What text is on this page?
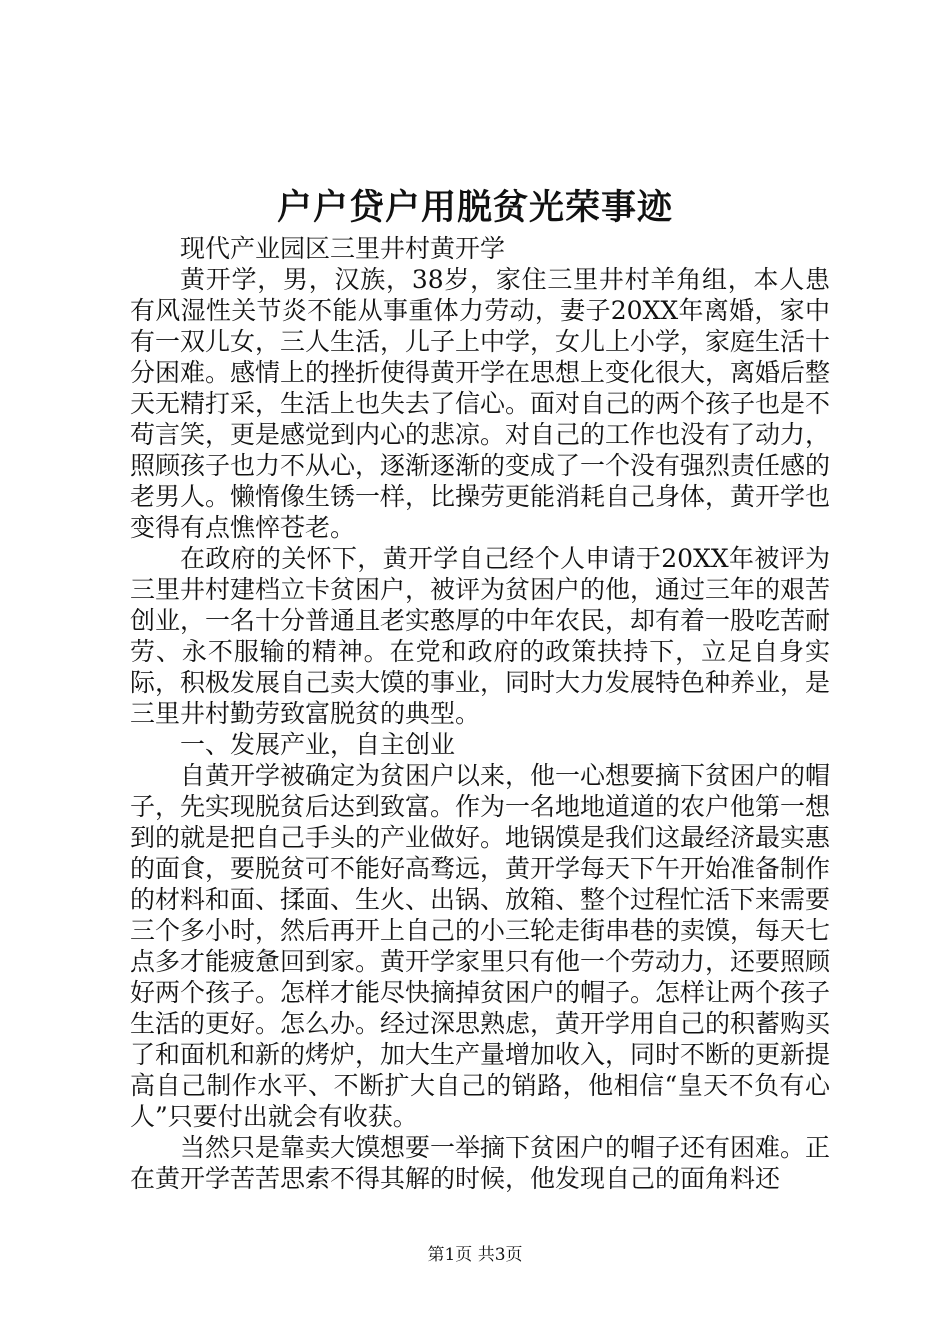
户户贷户用脱贫光荣事迹

现代产业园区三里井村黄开学

黄开学，男，汉族，38岁，家住三里井村羊角组，本人患有风湿性关节炎不能从事重体力劳动，妻子20XX年离婚，家中有一双儿女，三人生活，儿子上中学，女儿上小学，家庭生活十分困难。感情上的挫折使得黄开学在思想上变化很大，离婚后整天无精打采，生活上也失去了信心。面对自己的两个孩子也是不苟言笑，更是感觉到内心的悲凉。对自己的工作也没有了动力，照顾孩子也力不从心，逐渐逐渐的变成了一个没有强烈责任感的老男人。懒惰像生锈一样，比操劳更能消耗自己身体，黄开学也变得有点憔悴苍老。

在政府的关怀下，黄开学自己经个人申请于20XX年被评为三里井村建档立卡贫困户，被评为贫困户的他，通过三年的艰苦创业，一名十分普通且老实憨厚的中年农民，却有着一股吃苦耐劳、永不服输的精神。在党和政府的政策扶持下，立足自身实际，积极发展自己卖大馍的事业，同时大力发展特色种养业，是三里井村勤劳致富脱贫的典型。

一、发展产业，自主创业

自黄开学被确定为贫困户以来，他一心想要摘下贫困户的帽子，先实现脱贫后达到致富。作为一名地地道道的农户他第一想到的就是把自己手头的产业做好。地锅馍是我们这最经济最实惠的面食，要脱贫可不能好高骛远，黄开学每天下午开始准备制作的材料和面、揉面、生火、出锅、放箱、整个过程忙活下来需要三个多小时，然后再开上自己的小三轮走街串巷的卖馍，每天七点多才能疲惫回到家。黄开学家里只有他一个劳动力，还要照顾好两个孩子。怎样才能尽快摘掉贫困户的帽子。怎样让两个孩子生活的更好。怎么办。经过深思熟虑，黄开学用自己的积蓄购买了和面机和新的烤炉，加大生产量增加收入，同时不断的更新提高自己制作水平、不断扩大自己的销路，他相信“皇天不负有心人”只要付出就会有收获。

当然只是靠卖大馍想要一举摘下贫困户的帽子还有困难。正在黄开学苦苦思索不得其解的时候，他发现自己的面角料还

第1页 共3页
